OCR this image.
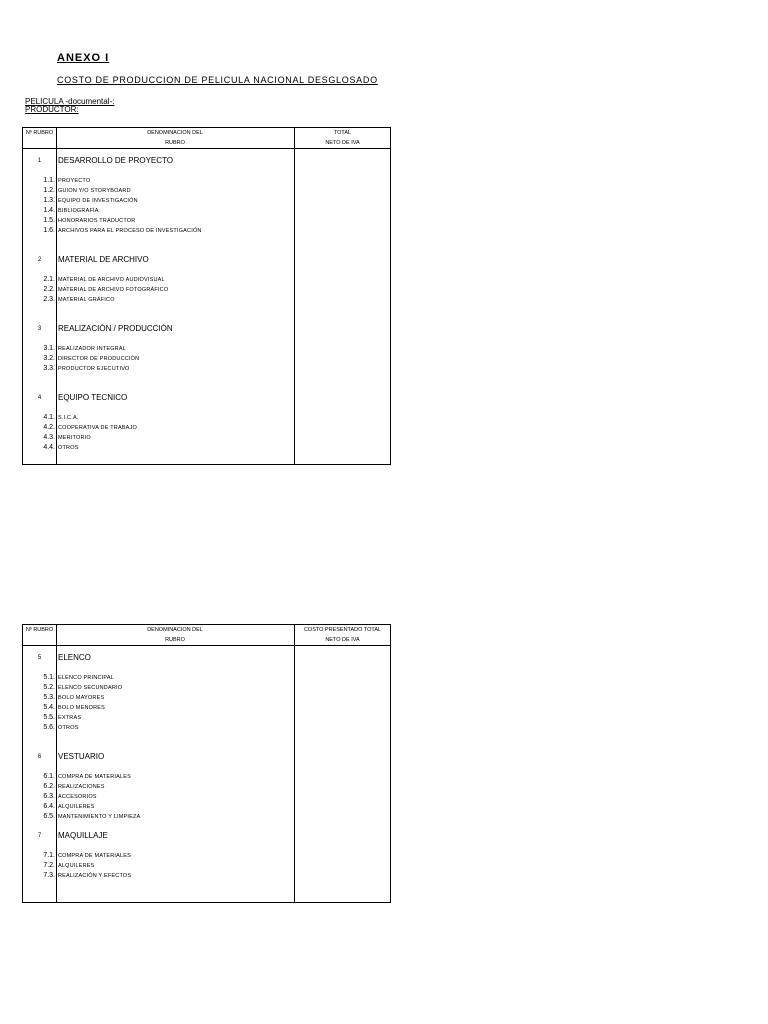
ANEXO I
COSTO DE PRODUCCION DE PELICULA NACIONAL DESGLOSADO
PELICULA -documental-:
PRODUCTOR:
Nº RUBRO	DENOMINACION DEL
RUBRO
TOTAL
NETO DE IVA
1	DESARROLLO DE PROYECTO
1.1. PROYECTO
1.2. GUION Y/O STORYBOARD
1.3. EQUIPO DE INVESTIGACIÓN
1.4. BIBLIOGRAFÍA
1.5. HONORARIOS TRADUCTOR
1.6. ARCHIVOS PARA EL PROCESO DE INVESTIGACIÓN
2	MATERIAL DE ARCHIVO
2.1. MATERIAL DE ARCHIVO AUDIOVISUAL
2.2. MATERIAL DE ARCHIVO FOTOGRÁFICO
2.3. MATERIAL GRÁFICO
3	REALIZACIÓN / PRODUCCIÓN
3.1. REALIZADOR INTEGRAL
3.2. DIRECTOR DE PRODUCCIÓN
3.3. PRODUCTOR EJECUTIVO
4	EQUIPO TECNICO
4.1. S.I.C.A.
4.2. COOPERATIVA DE TRABAJO
4.3. MERITORIO
4.4. OTROS
Nº RUBRO	DENOMINACION DEL
RUBRO
COSTO PRESENTADO TOTAL
NETO DE IVA
5	ELENCO
5.1. ELENCO PRINCIPAL
5.2. ELENCO SECUNDARIO
5.3. BOLO MAYORES
5.4. BOLO MENORES
5.5. EXTRAS
5.6. OTROS
6	VESTUARIO
6.1. COMPRA DE MATERIALES
6.2. REALIZACIONES
6.3. ACCESORIOS
6.4. ALQUILERES
6.5. MANTENIMIENTO Y LIMPIEZA
7	MAQUILLAJE
7.1. COMPRA DE MATERIALES
7.2. ALQUILERES
7.3. REALIZACIÓN Y EFECTOS
